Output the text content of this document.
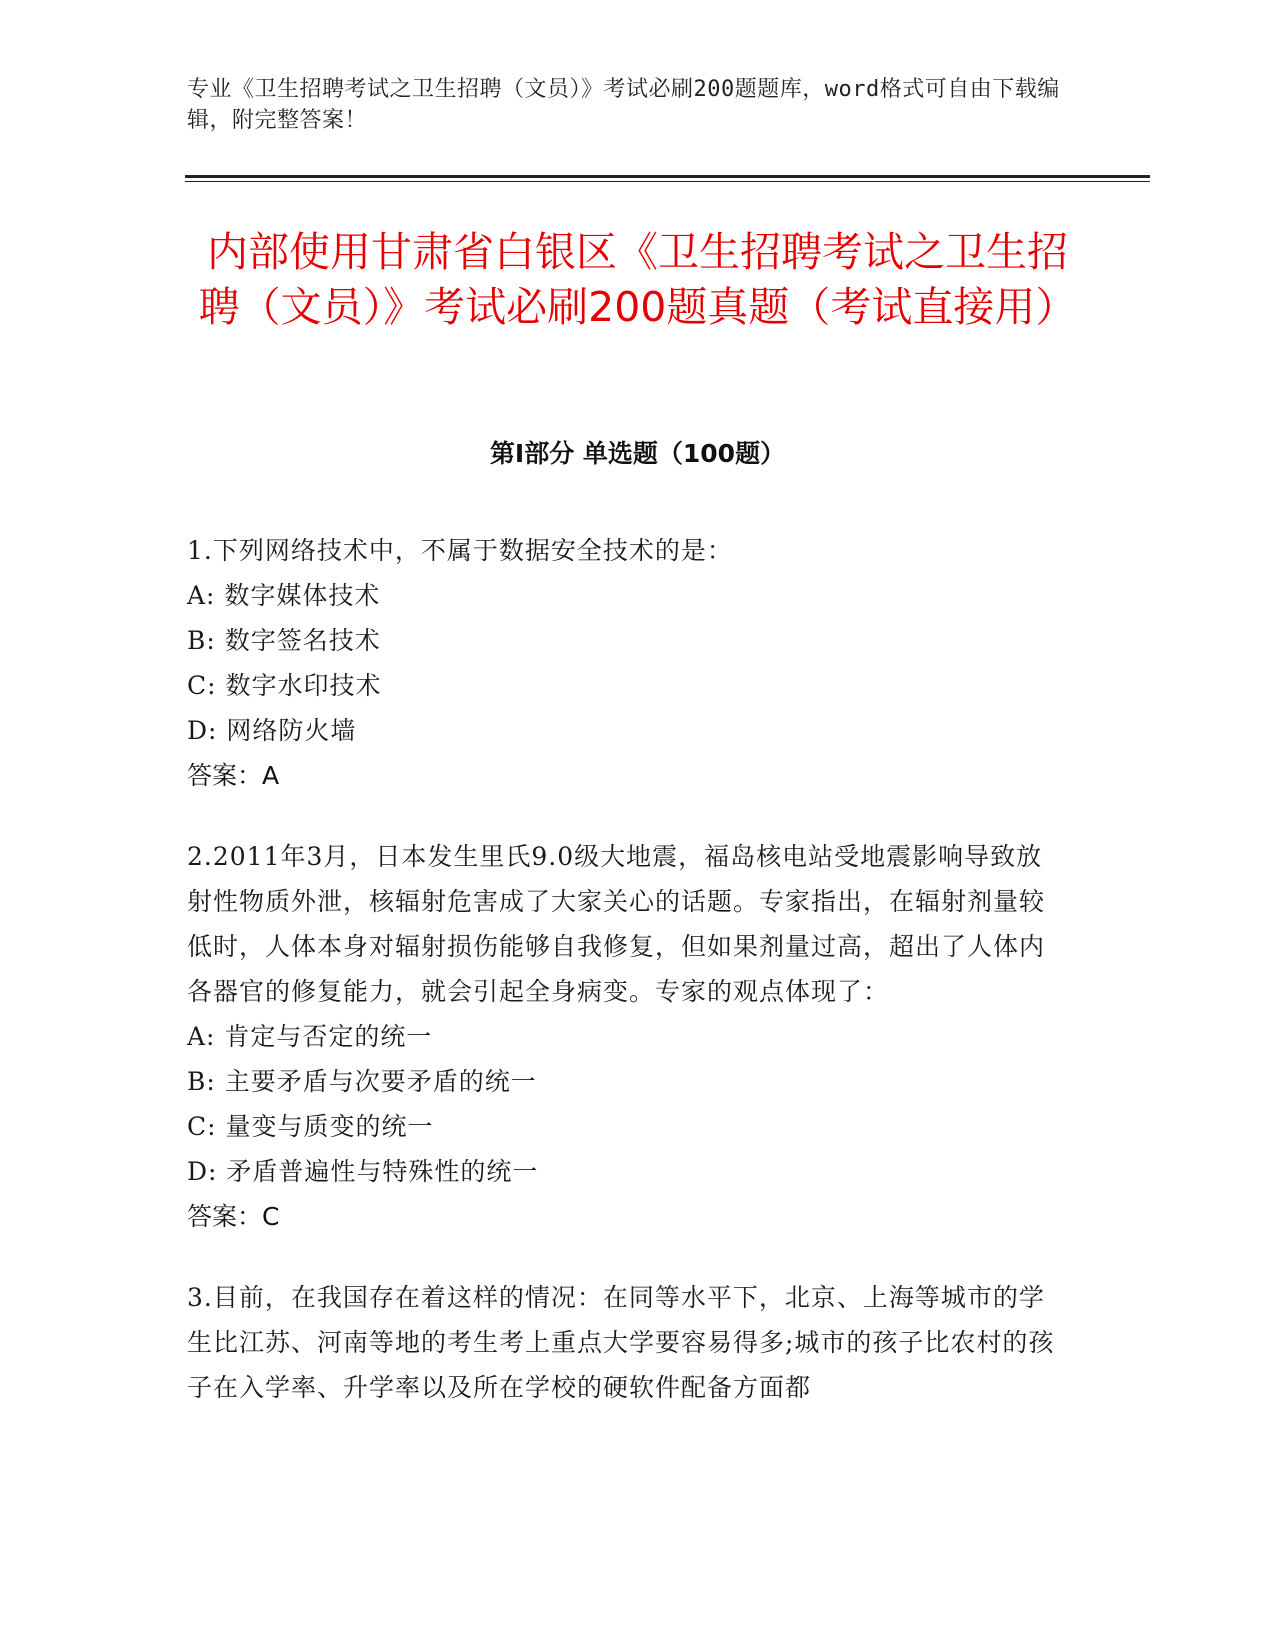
专业《卫生招聘考试之卫生招聘（文员）》考试必刷200题题库，word格式可自由下载编辑，附完整答案！
内部使用甘肃省白银区《卫生招聘考试之卫生招聘（文员）》考试必刷200题真题（考试直接用）
第Ⅰ部分 单选题（100题）

1.下列网络技术中，不属于数据安全技术的是：

A: 数字媒体技术

B: 数字签名技术

C: 数字水印技术

D: 网络防火墙

答案：A

2.2011年3月，日本发生里氏9.0级大地震，福岛核电站受地震影响导致放射性物质外泄，核辐射危害成了大家关心的话题。专家指出，在辐射剂量较低时，人体本身对辐射损伤能够自我修复，但如果剂量过高，超出了人体内各器官的修复能力，就会引起全身病变。专家的观点体现了：

A: 肯定与否定的统一

B: 主要矛盾与次要矛盾的统一

C: 量变与质变的统一

D: 矛盾普遍性与特殊性的统一

答案：C

3.目前，在我国存在着这样的情况：在同等水平下，北京、上海等城市的学生比江苏、河南等地的考生考上重点大学要容易得多;城市的孩子比农村的孩子在入学率、升学率以及所在学校的硬软件配备方面都
